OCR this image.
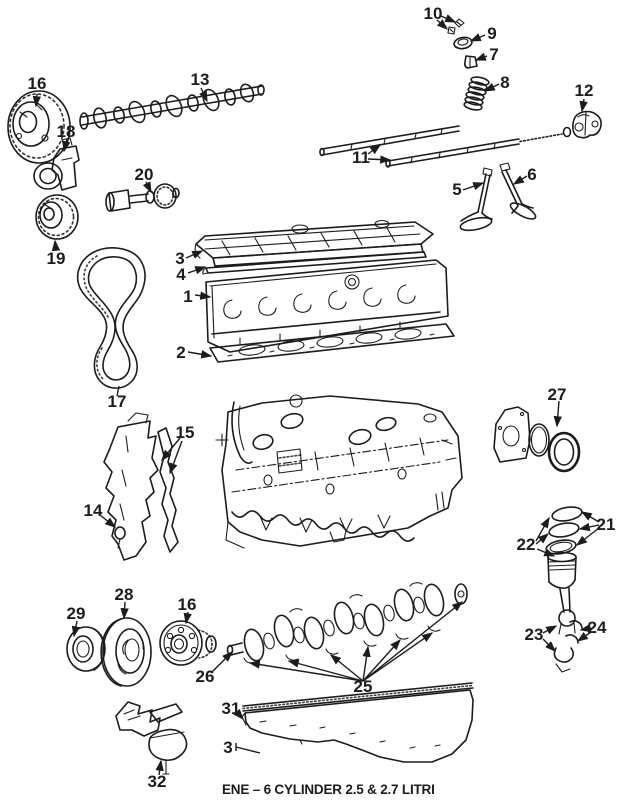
16	13
18
20
19
10
9
7
8	12
11
5
6
3
4
1
2
17
15
14
27
21
22
23	24
29
28
16
26
25
31
3
32	ENE – 6 CYLINDER 2.5 & 2.7 LITRI
